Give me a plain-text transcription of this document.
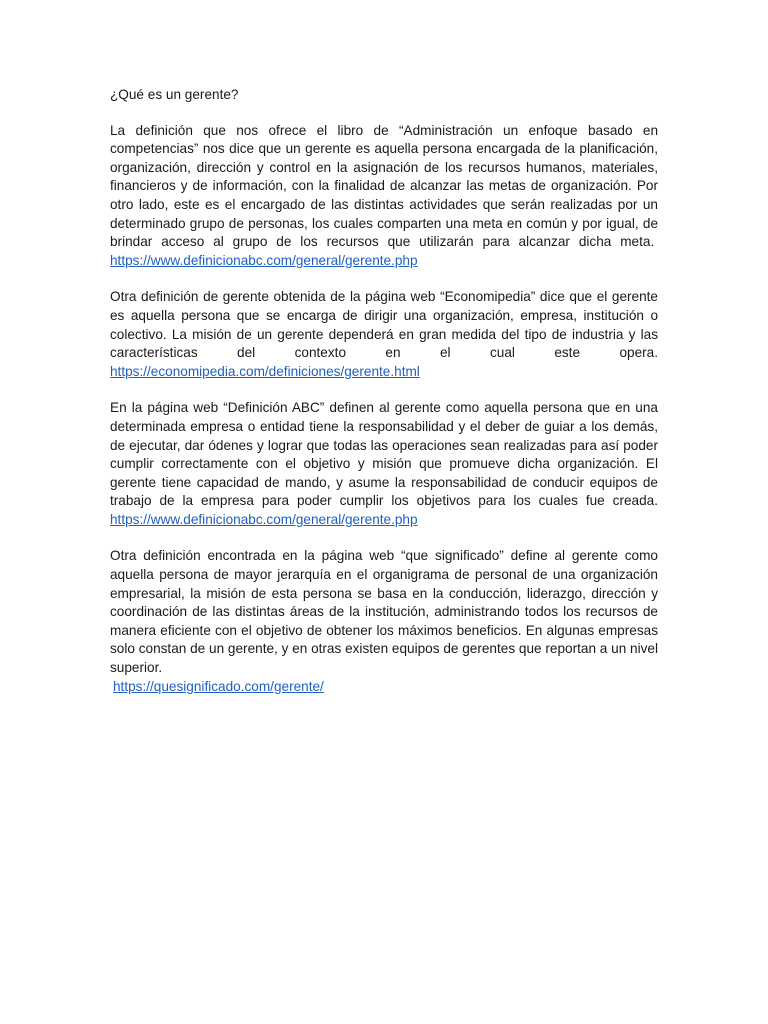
¿Qué es un gerente?

La definición que nos ofrece el libro de “Administración un enfoque basado en competencias” nos dice que un gerente es aquella persona encargada de la planificación, organización, dirección y control en la asignación de los recursos humanos, materiales, financieros y de información, con la finalidad de alcanzar las metas de organización. Por otro lado, este es el encargado de las distintas actividades que serán realizadas por un determinado grupo de personas, los cuales comparten una meta en común y por igual, de brindar acceso al grupo de los recursos que utilizarán para alcanzar dicha meta.  https://www.definicionabc.com/general/gerente.php

Otra definición de gerente obtenida de la página web “Economipedia” dice que el gerente es aquella persona que se encarga de dirigir una organización, empresa, institución o colectivo. La misión de un gerente dependerá en gran medida del tipo de industria y las características del contexto en el cual este opera. https://economipedia.com/definiciones/gerente.html

En la página web “Definición ABC” definen al gerente como aquella persona que en una determinada empresa o entidad tiene la responsabilidad y el deber de guiar a los demás, de ejecutar, dar ódenes y lograr que todas las operaciones sean realizadas para así poder cumplir correctamente con el objetivo y misión que promueve dicha organización. El gerente tiene capacidad de mando, y asume la responsabilidad de conducir equipos de trabajo de la empresa para poder cumplir los objetivos para los cuales fue creada. https://www.definicionabc.com/general/gerente.php

Otra definición encontrada en la página web “que significado” define al gerente como aquella persona de mayor jerarquía en el organigrama de personal de una organización empresarial, la misión de esta persona se basa en la conducción, liderazgo, dirección y coordinación de las distintas áreas de la institución, administrando todos los recursos de manera eficiente con el objetivo de obtener los máximos beneficios. En algunas empresas solo constan de un gerente, y en otras existen equipos de gerentes que reportan a un nivel superior.
https://quesignificado.com/gerente/
